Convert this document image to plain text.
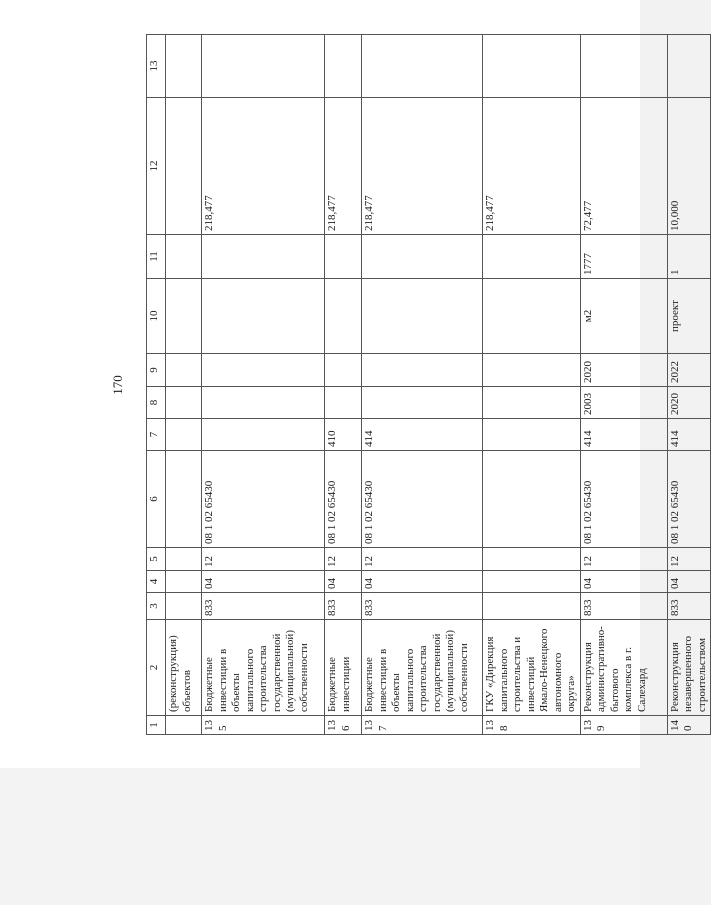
170
1	2	3	4	5	6	7	8	9	10	11	12	13
	(реконструкция) объектов											
135	Бюджетные инвестиции в объекты капитального строительства государственной (муниципальной) собственности	833	04	12	08 1 02 65430						218,477	
136	Бюджетные инвестиции	833	04	12	08 1 02 65430	410					218,477	
137	Бюджетные инвестиции в объекты капитального строительства государственной (муниципальной) собственности	833	04	12	08 1 02 65430	414					218,477	
138	ГКУ «Дирекция капитального строительства и инвестиций Ямало-Ненецкого автономного округа»										218,477	
139	Реконструкция административно-бытового комплекса в г. Салехард	833	04	12	08 1 02 65430	414	2003	2020	м2	1777	72,477	
140	Реконструкция незавершенного строительством	833	04	12	08 1 02 65430	414	2020	2022	проект	1	10,000	
